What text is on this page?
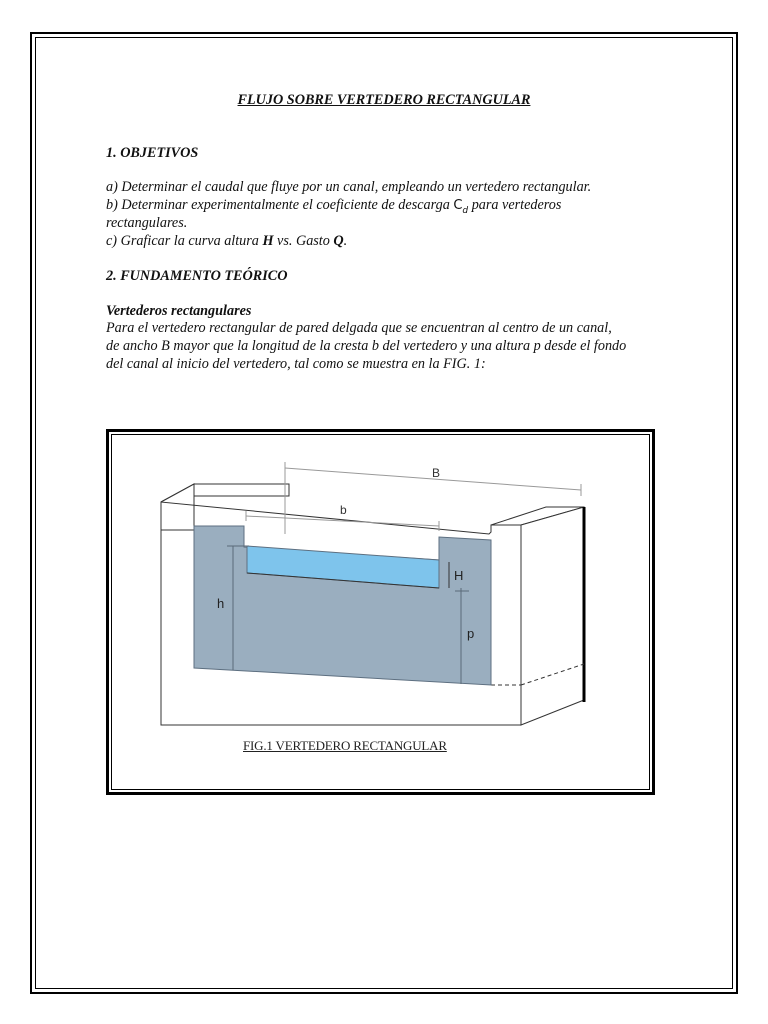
FLUJO SOBRE VERTEDERO RECTANGULAR
1. OBJETIVOS
a) Determinar el caudal que fluye por un canal, empleando un vertedero rectangular.
b) Determinar experimentalmente el coeficiente de descarga $C_d$ para vertederos
rectangulares.
c) Graficar la curva altura H vs. Gasto Q.
2. FUNDAMENTO TEÓRICO
Vertederos rectangulares
Para el vertedero rectangular de pared delgada que se encuentran al centro de un canal,
de ancho B mayor que la longitud de la cresta b del vertedero y una altura p desde el fondo
del canal al inicio del vertedero, tal como se muestra en la FIG. 1:
B
b
h
H
p
FIG.1 VERTEDERO RECTANGULAR
